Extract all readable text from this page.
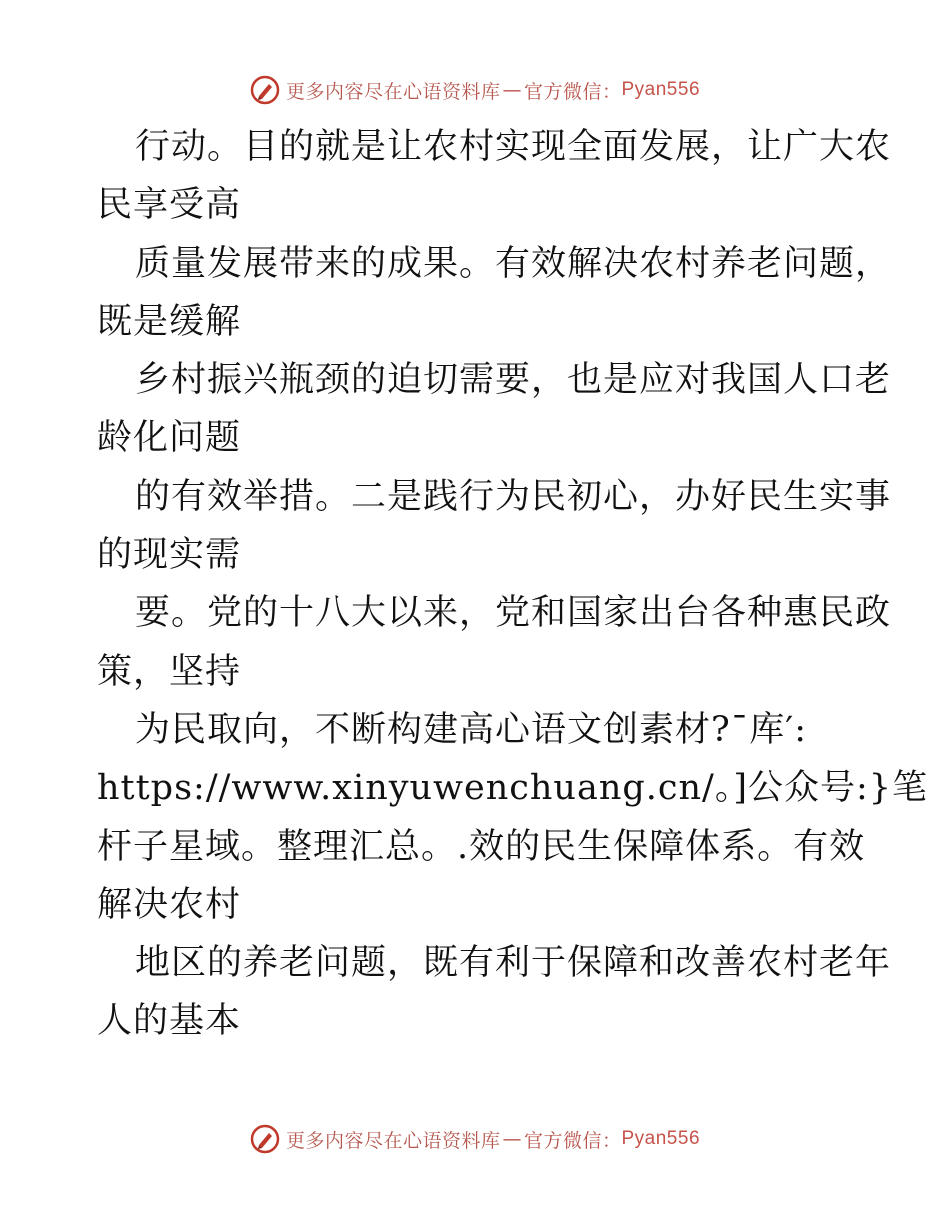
更多内容尽在心语资料库 — 官方微信： Pyan556
行动。目的就是让农村实现全面发展，让广大农
民享受高
质量发展带来的成果。有效解决农村养老问题，
既是缓解
乡村振兴瓶颈的迫切需要，也是应对我国人口老
龄化问题
的有效举措。二是践行为民初心，办好民生实事
的现实需
要。党的十八大以来，党和国家出台各种惠民政
策，坚持
为民取向，不断构建高心语文创素材?¯库′:
https://www.xinyuwenchuang.cn/。]公众号:}笔
杆子星域。整理汇总。.效的民生保障体系。有效
解决农村
地区的养老问题，既有利于保障和改善农村老年
人的基本
更多内容尽在心语资料库 — 官方微信： Pyan556
